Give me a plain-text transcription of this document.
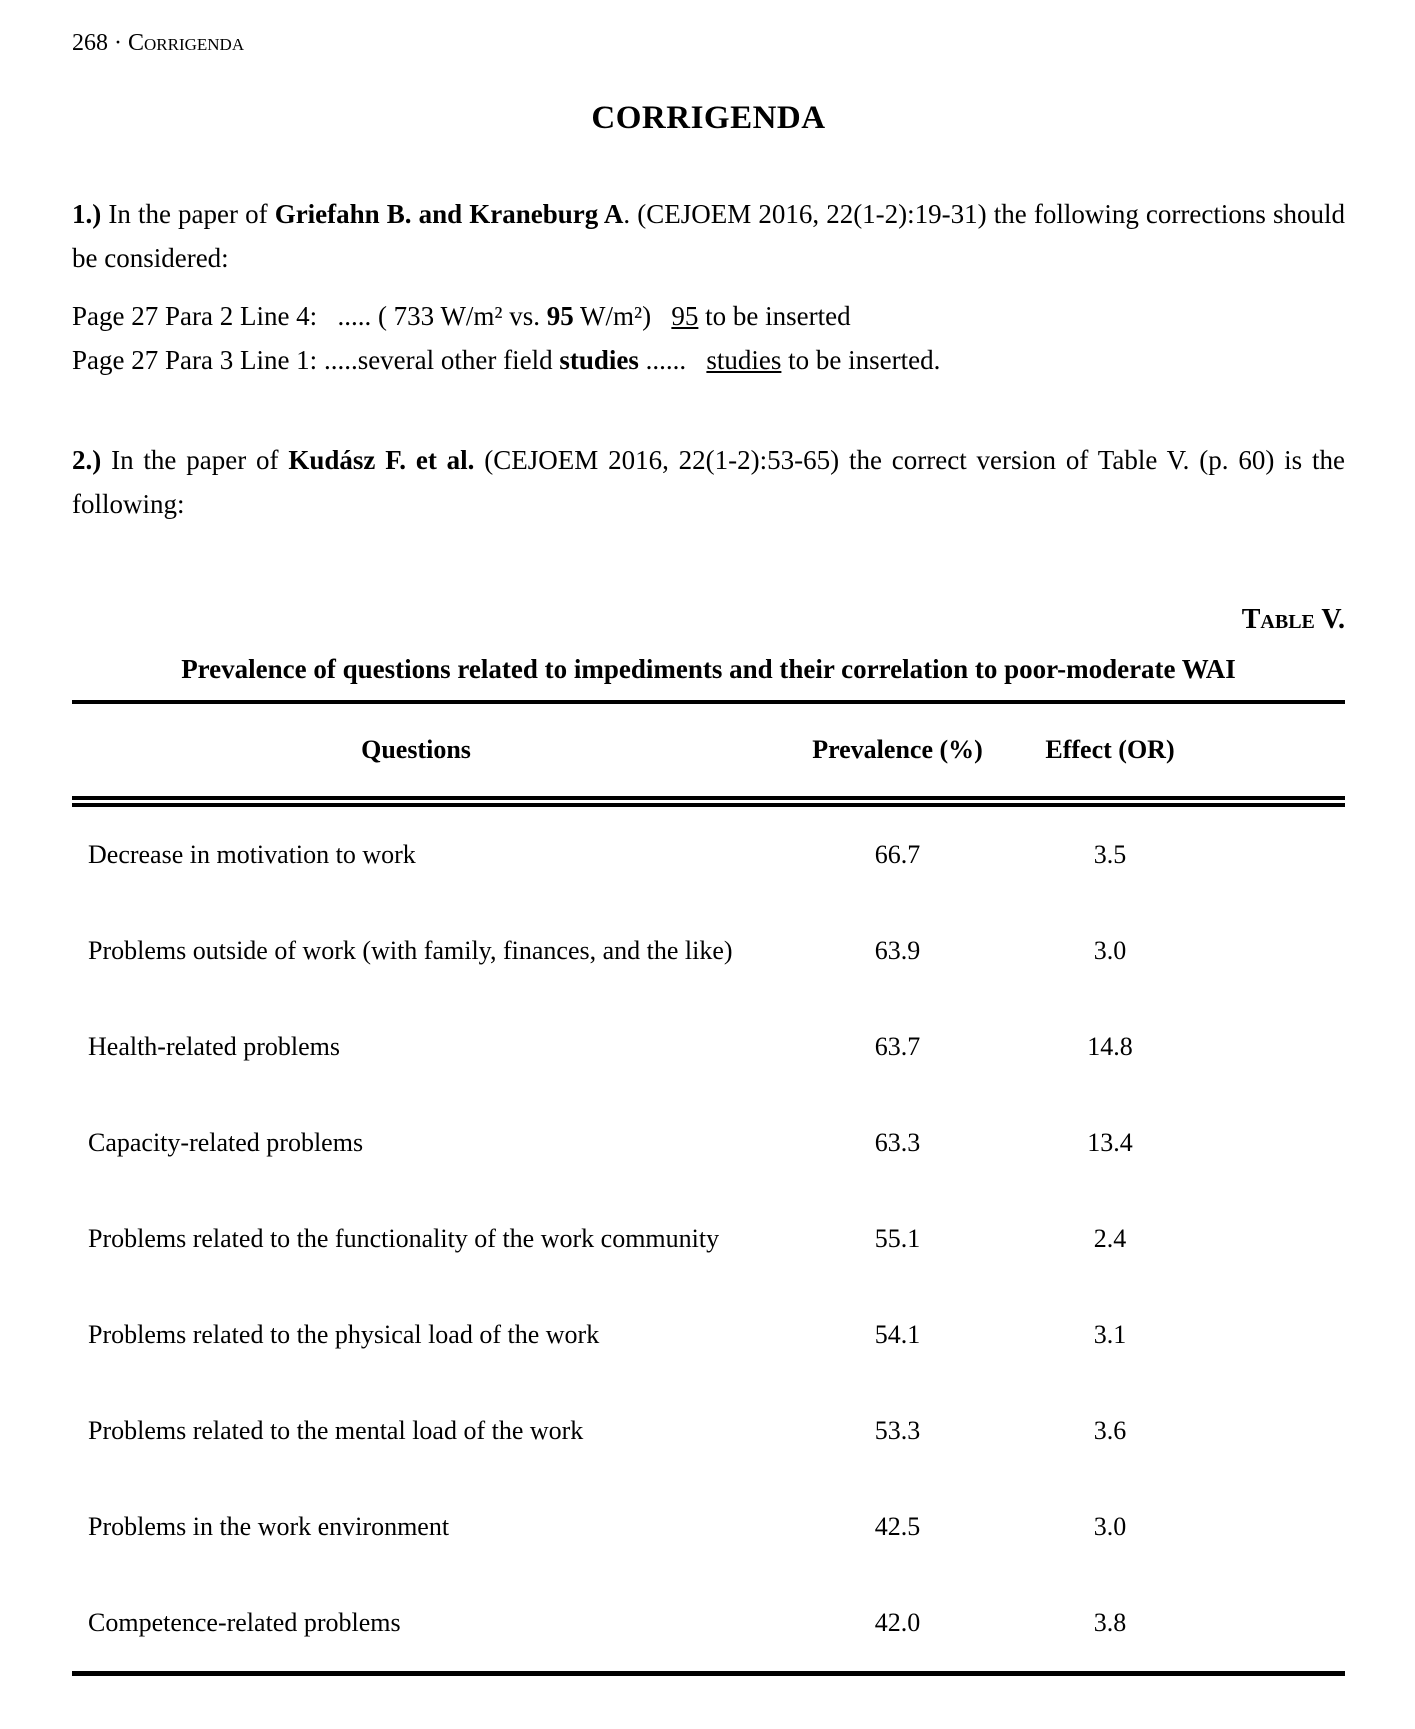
268 · Corrigenda
CORRIGENDA
1.) In the paper of Griefahn B. and Kraneburg A. (CEJOEM 2016, 22(1-2):19-31) the following corrections should be considered:
Page 27 Para 2 Line 4:   ..... ( 733 W/m² vs. 95 W/m²)   95 to be inserted
Page 27 Para 3 Line 1: .....several other field studies ......   studies to be inserted.
2.) In the paper of Kudász F. et al. (CEJOEM 2016, 22(1-2):53-65) the correct version of Table V. (p. 60) is the following:
Table V.
Prevalence of questions related to impediments and their correlation to poor-moderate WAI
Questions	Prevalence (%)	Effect (OR)
Decrease in motivation to work	66.7	3.5
Problems outside of work (with family, finances, and the like)	63.9	3.0
Health-related problems	63.7	14.8
Capacity-related problems	63.3	13.4
Problems related to the functionality of the work community	55.1	2.4
Problems related to the physical load of the work	54.1	3.1
Problems related to the mental load of the work	53.3	3.6
Problems in the work environment	42.5	3.0
Competence-related problems	42.0	3.8
